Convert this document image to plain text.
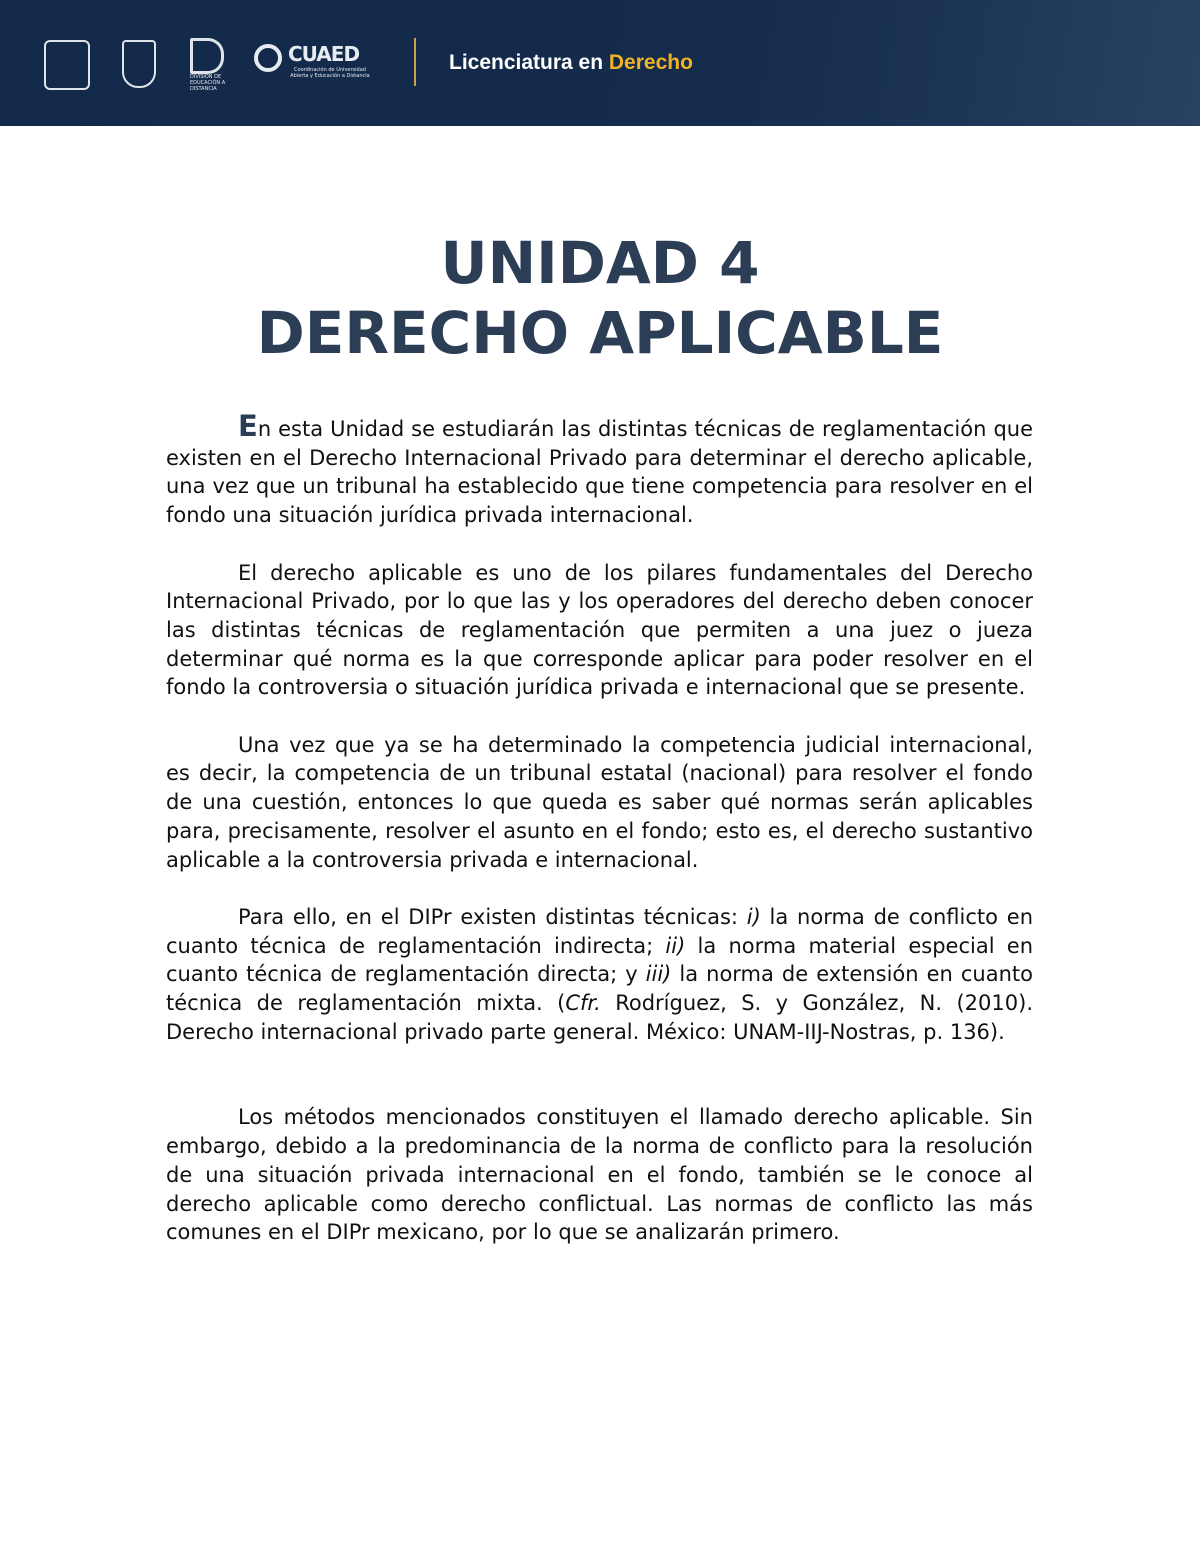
DIVISIÓN DE EDUCACIÓN A DISTANCIA
CUAED
Coordinación de Universidad Abierta y Educación a Distancia
Licenciatura en Derecho
UNIDAD 4
DERECHO APLICABLE

En esta Unidad se estudiarán las distintas técnicas de reglamentación que existen en el Derecho Internacional Privado para determinar el derecho aplicable, una vez que un tribunal ha establecido que tiene competencia para resolver en el fondo una situación jurídica privada internacional.

El derecho aplicable es uno de los pilares fundamentales del Derecho Internacional Privado, por lo que las y los operadores del derecho deben conocer las distintas técnicas de reglamentación que permiten a una juez o jueza determinar qué norma es la que corresponde aplicar para poder resolver en el fondo la controversia o situación jurídica privada e internacional que se presente.

Una vez que ya se ha determinado la competencia judicial internacional, es decir, la competencia de un tribunal estatal (nacional) para resolver el fondo de una cuestión, entonces lo que queda es saber qué normas serán aplicables para, precisamente, resolver el asunto en el fondo; esto es, el derecho sustantivo aplicable a la controversia privada e internacional.

Para ello, en el DIPr existen distintas técnicas: i) la norma de conflicto en cuanto técnica de reglamentación indirecta; ii) la norma material especial en cuanto técnica de reglamentación directa; y iii) la norma de extensión en cuanto técnica de reglamentación mixta. (Cfr. Rodríguez, S. y González, N. (2010). Derecho internacional privado parte general. México: UNAM-IIJ-Nostras, p. 136).

Los métodos mencionados constituyen el llamado derecho aplicable. Sin embargo, debido a la predominancia de la norma de conflicto para la resolución de una situación privada internacional en el fondo, también se le conoce al derecho aplicable como derecho conflictual. Las normas de conflicto las más comunes en el DIPr mexicano, por lo que se analizarán primero.
